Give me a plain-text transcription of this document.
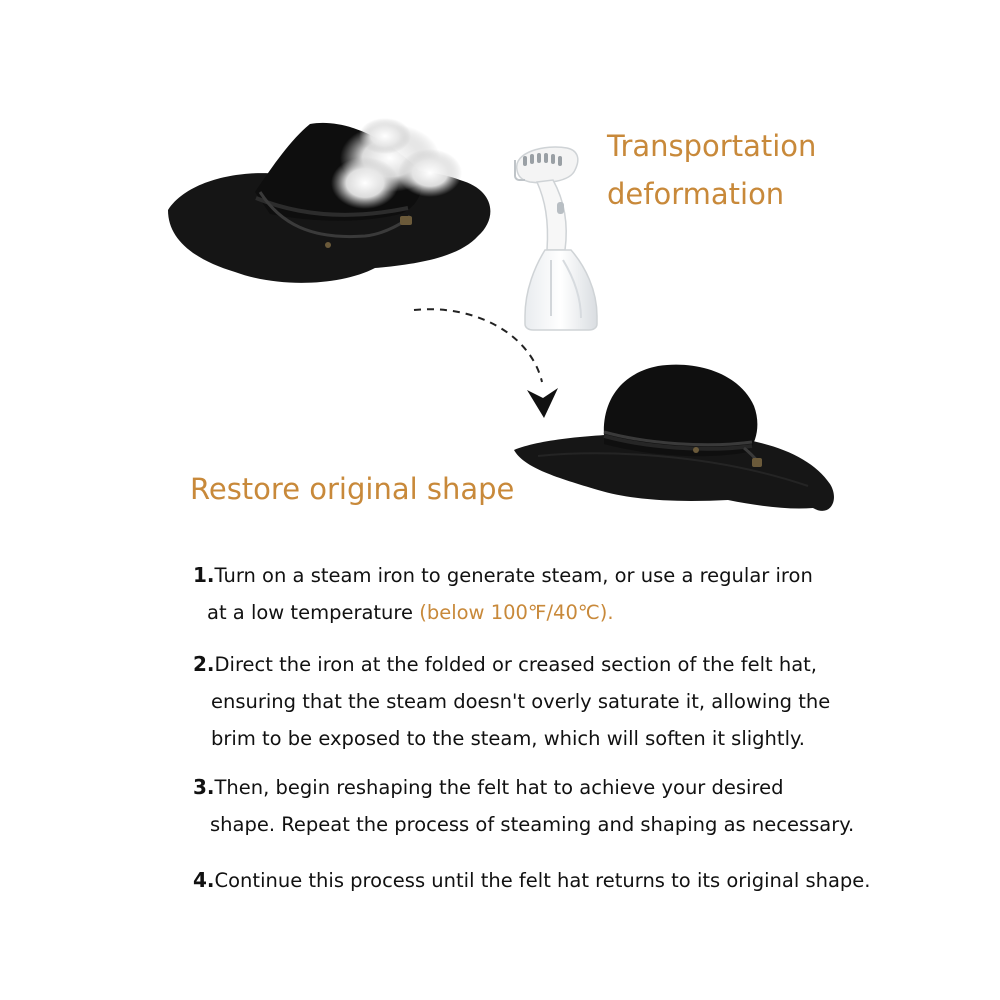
Transportation
deformation
Restore original shape
1.Turn on a steam iron to generate steam, or use a regular iron
at a low temperature (below 100℉/40℃).
2.Direct the iron at the folded or creased section of the felt hat,
ensuring that the steam doesn't overly saturate it, allowing the
brim to be exposed to the steam, which will soften it slightly.
3.Then, begin reshaping the felt hat to achieve your desired
shape. Repeat the process of steaming and shaping as necessary.
4.Continue this process until the felt hat returns to its original shape.
